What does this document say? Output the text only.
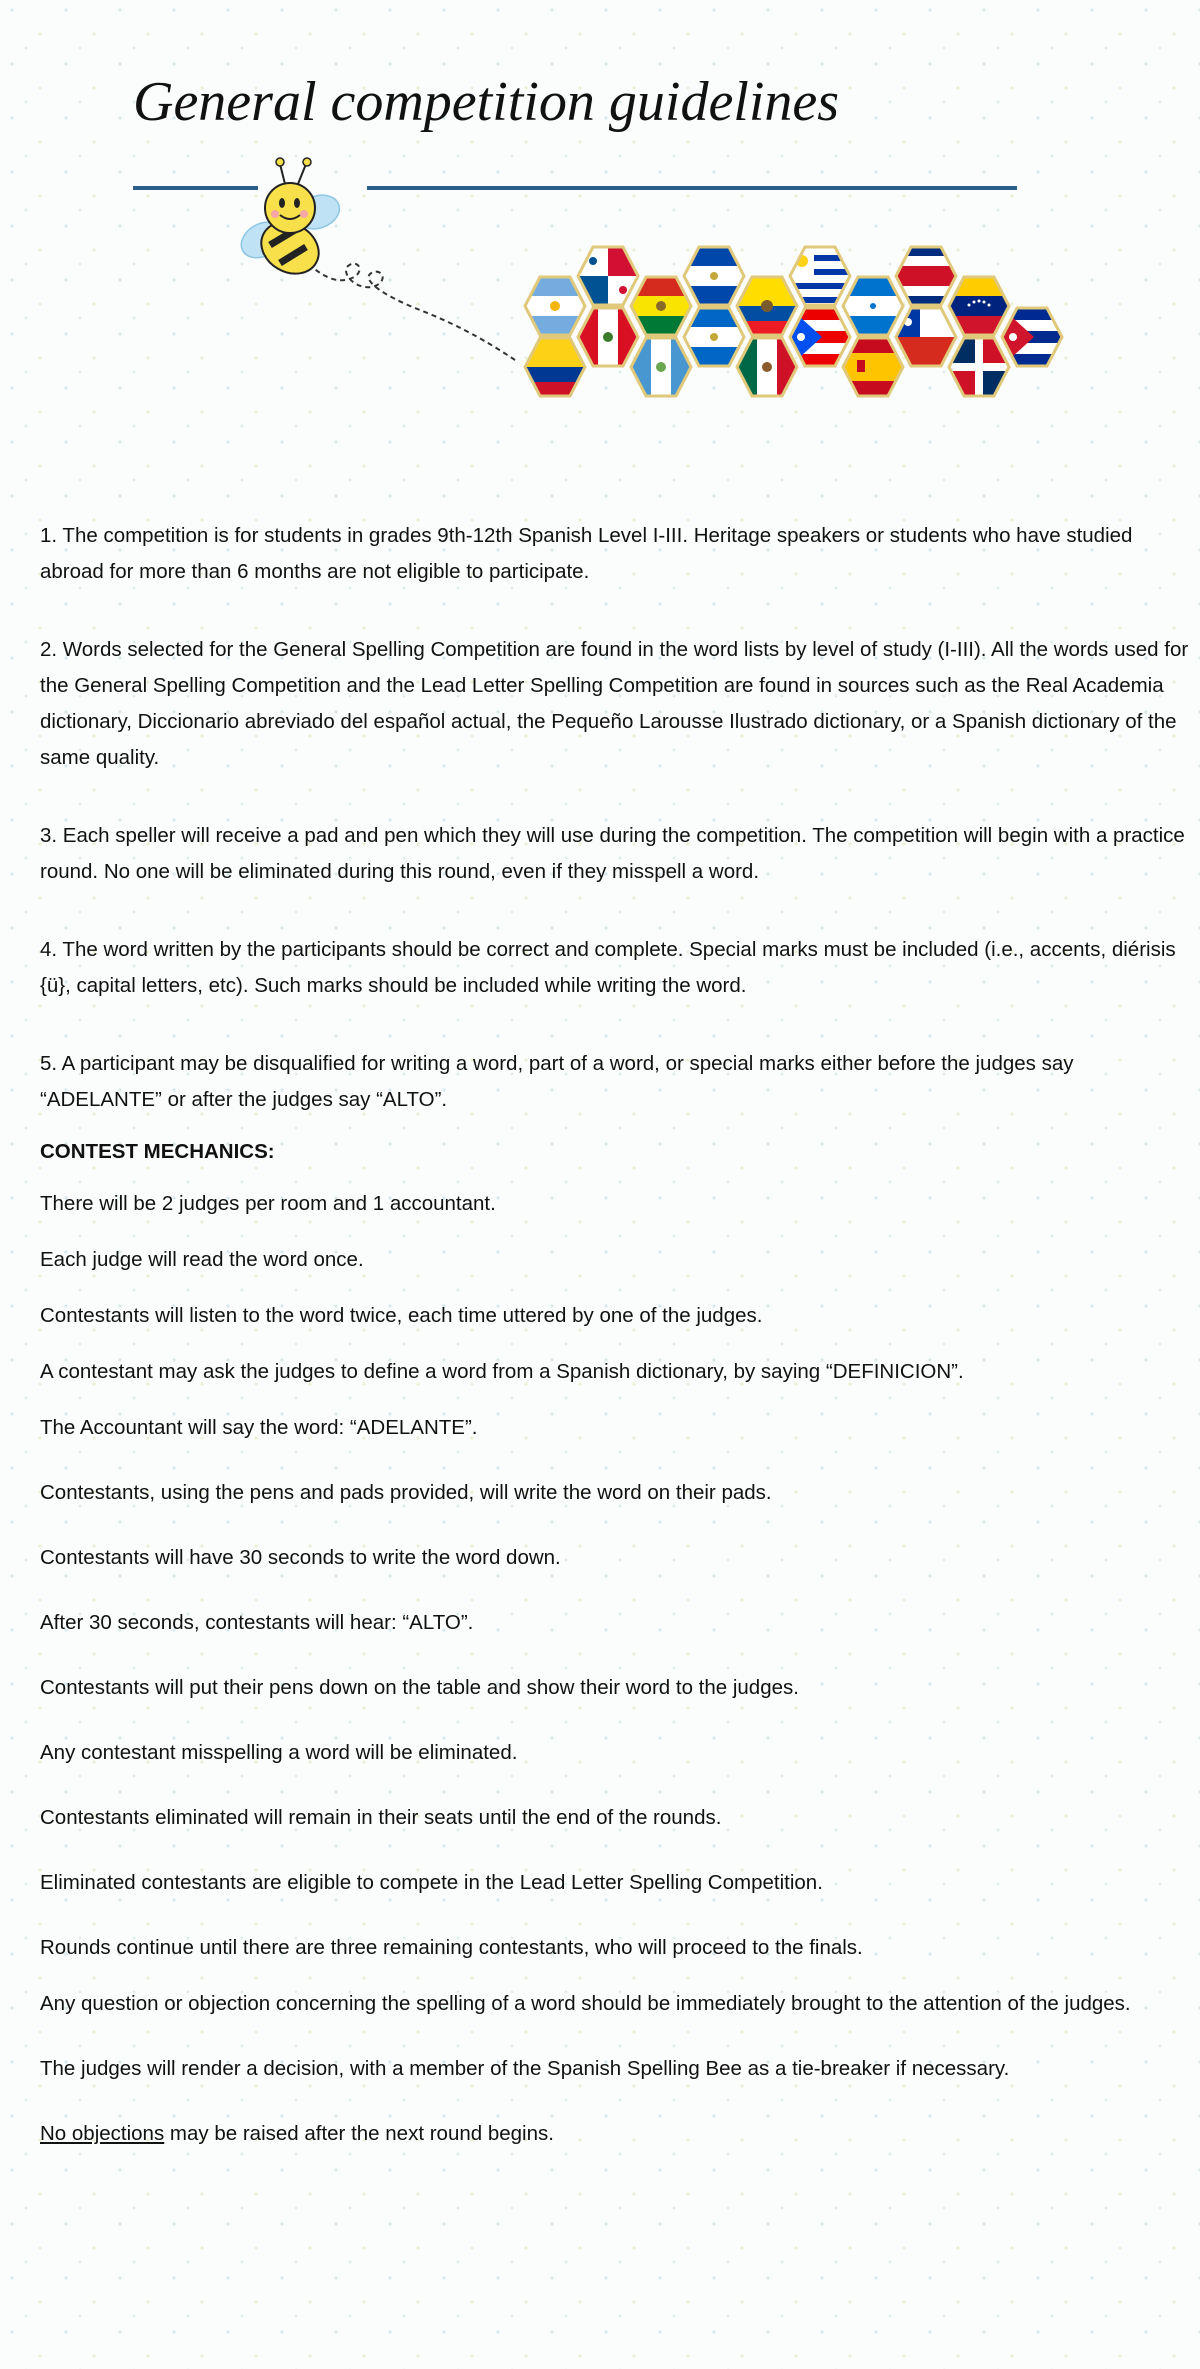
General competition guidelines

1. The competition is for students in grades 9th-12th Spanish Level I-III. Heritage speakers or students who have studied abroad for more than 6 months are not eligible to participate.

2. Words selected for the General Spelling Competition are found in the word lists by level of study (I-III). All the words used for the General Spelling Competition and the Lead Letter Spelling Competition are found in sources such as the Real Academia dictionary, Diccionario abreviado del español actual, the Pequeño Larousse Ilustrado dictionary, or a Spanish dictionary of the same quality.

3. Each speller will receive a pad and pen which they will use during the competition. The competition will begin with a practice round. No one will be eliminated during this round, even if they misspell a word.

4. The word written by the participants should be correct and complete. Special marks must be included (i.e., accents, diérisis {ü}, capital letters, etc). Such marks should be included while writing the word.

5. A participant may be disqualified for writing a word, part of a word, or special marks either before the judges say “ADELANTE” or after the judges say “ALTO”.

CONTEST MECHANICS:

There will be 2 judges per room and 1 accountant.

Each judge will read the word once.

Contestants will listen to the word twice, each time uttered by one of the judges.

A contestant may ask the judges to define a word from a Spanish dictionary, by saying “DEFINICION”.

The Accountant will say the word: “ADELANTE”.

Contestants, using the pens and pads provided, will write the word on their pads.

Contestants will have 30 seconds to write the word down.

After 30 seconds, contestants will hear: “ALTO”.

Contestants will put their pens down on the table and show their word to the judges.

Any contestant misspelling a word will be eliminated.

Contestants eliminated will remain in their seats until the end of the rounds.

Eliminated contestants are eligible to compete in the Lead Letter Spelling Competition.

Rounds continue until there are three remaining contestants, who will proceed to the finals.

Any question or objection concerning the spelling of a word should be immediately brought to the attention of the judges.

The judges will render a decision, with a member of the Spanish Spelling Bee as a tie-breaker if necessary.

No objections may be raised after the next round begins.
